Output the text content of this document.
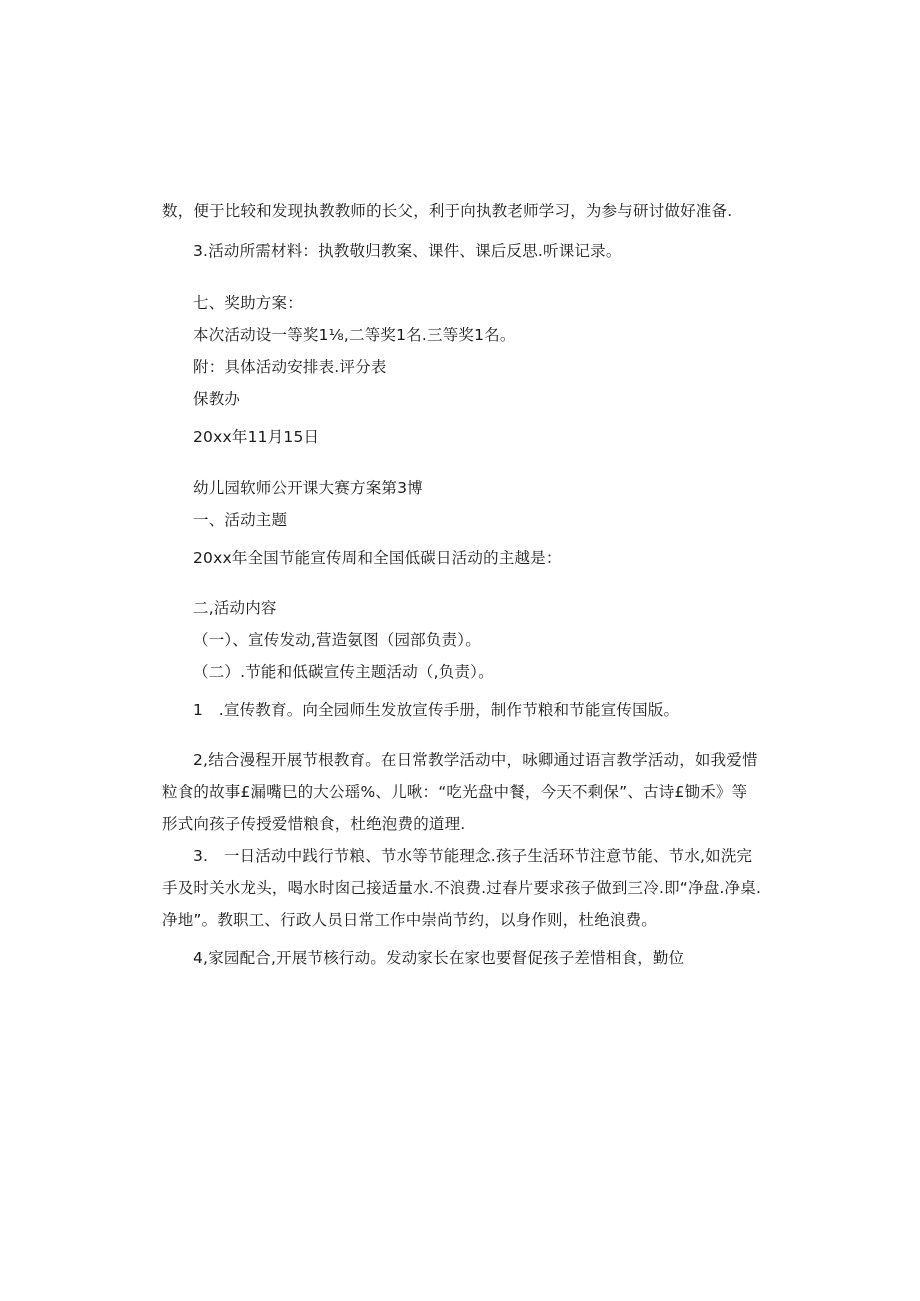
数，便于比较和发现执教教师的长父，利于向执教老师学习，为参与研讨做好准备.
3.活动所需材料：执教敬归教案、课件、课后反思.听课记录。
七、奖助方案：
本次活动设一等奖1⅛,二等奖1名.三等奖1名。
附：具体活动安排表.评分表
保教办
20xx年11月15日
幼儿园软师公开课大赛方案第3博
一、活动主题
20xx年全国节能宣传周和全国低碳日活动的主越是：
二,活动内容
（一）、宣传发动,营造氨图（园部负责）。
（二）.节能和低碳宣传主题活动（,负责）。
1　.宣传教育。向全园师生发放宣传手册，制作节粮和节能宣传国版。
2,结合漫程开展节根教育。在日常教学活动中，咏卿通过语言教学活动，如我爱惜
粒食的故事£漏嘴巳的大公瑶%、儿啾：“吃光盘中餐，今天不剩保”、古诗£锄禾》等
形式向孩子传授爱惜粮食，杜绝泡费的道理.
3.　一日活动中践行节粮、节水等节能理念.孩子生活环节注意节能、节水,如洗完
手及时关水龙头，喝水时囱己接适量水.不浪费.过春片要求孩子做到三冷.即“净盘.净桌.
净地”。教职工、行政人员日常工作中崇尚节约，以身作则，杜绝浪费。
4,家园配合,开展节核行动。发动家长在家也要督促孩子差惜相食，勤位
